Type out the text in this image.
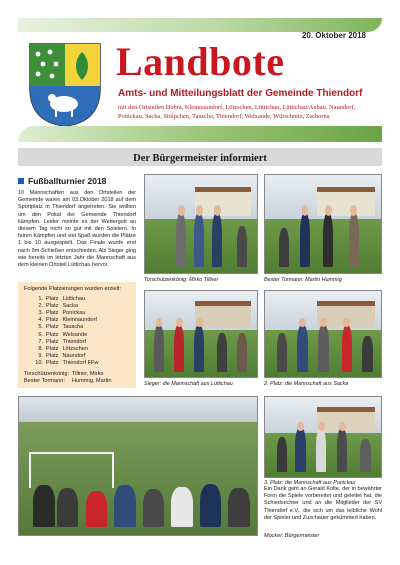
20. Oktober 2018
Landbote
Amts- und Mitteilungsblatt der Gemeinde Thiendorf
mit den Ortsteilen Dobra, Kleinnaundorf, Lötzschen, Lüttichau, Lüttichau/Anbau, Naundorf, Ponickau, Sacka, Stölpchen, Tauscha, Thiendorf, Welxande, Würschnitz, Zschorna
Der Bürgermeister informiert
Fußballturnier 2018
10 Mannschaften aus den Ortsteilen der Gemeinde waren am 03.Oktober 2018 auf dem Sportplatz in Thiendorf angetreten. Sie wollten um den Pokal der Gemeinde Thiendorf kämpfen. Leider meinte es der Wettergott an diesem Tag nicht so gut mit den Spielern. In fairen Kämpfen und viel Spaß wurden die Plätze 1 bis 10 ausgespielt. Das Finale wurde erst nach 9m-Schießen entschieden. Als Sieger ging wie bereits im letzten Jahr die Mannschaft aus dem kleinen Ortsteil Lüttichau hervor.
Folgende Platzierungen wurden erzielt:
1. Platz Lüttichau
2. Platz Sacka
3. Platz Ponickau
4. Platz Kleinnaundorf
5. Platz Tauscha
6. Platz Welxande
7. Platz Thiendorf
8. Platz Lötzschen
9. Platz Naundorf
10. Platz Thiendorf FFw
Torschützenkönig: Tillner, Mirko
Bester Tormann:	Hummig, Martin
Torschützenkönig: Mirko Tillner	Bester Tormann: Martin Hummig
Sieger: die Mannschaft aus Lüttichau	2. Platz: die Mannschaft aus Sacka
3. Platz: die Mannschaft aus Ponickau
Ein Dank geht an Gerald Kolte, der in bewährter Form die Spiele vorbereitet und geleitet hat, die Schiedsrichter und an die Mitglieder der SV Thiendorf e.V., die sich um das leibliche Wohl der Spieler und Zuschauer gekümmert haben.
Mocker, Bürgermeister
